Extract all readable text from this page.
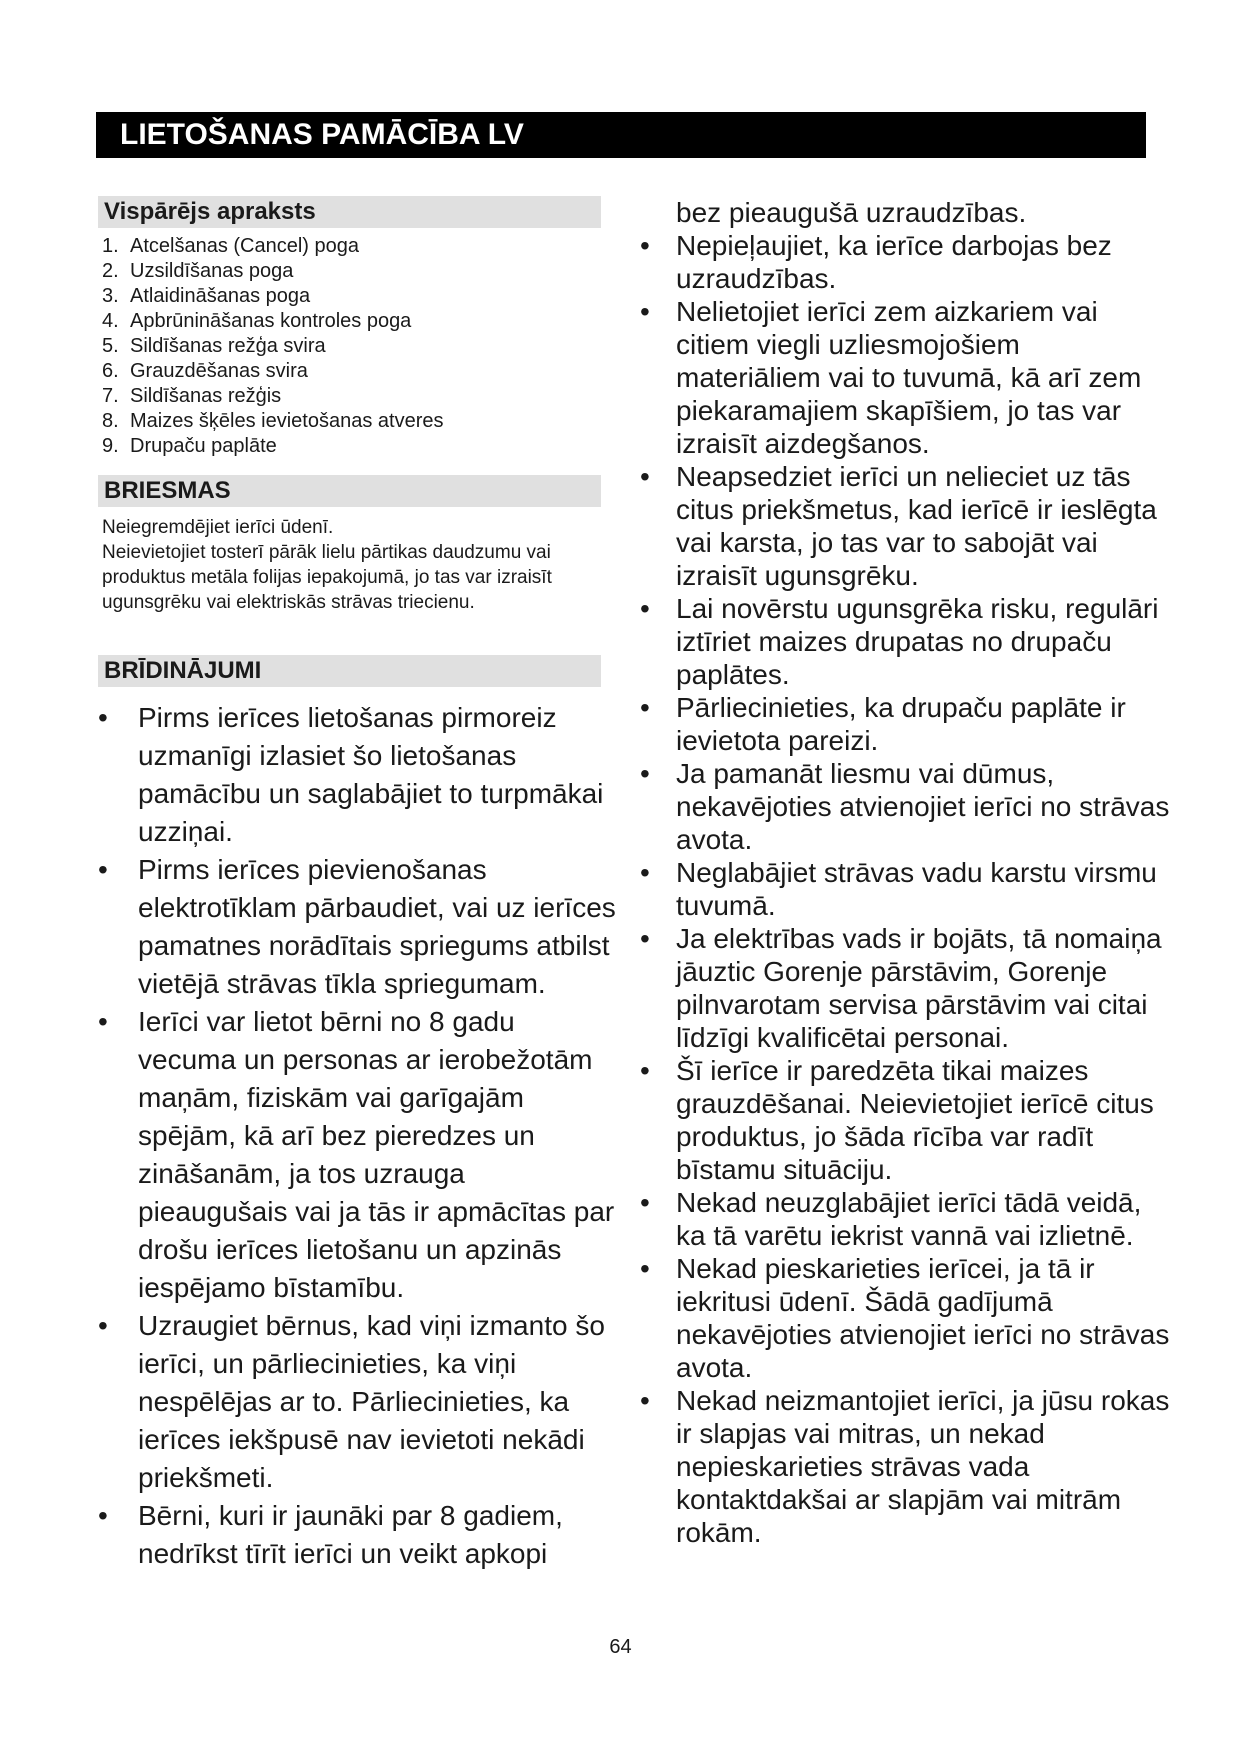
LIETOŠANAS PAMĀCĪBA LV
Vispārējs apraksts
1. Atcelšanas (Cancel) poga
2. Uzsildīšanas poga
3. Atlaidināšanas poga
4. Apbrūnināšanas kontroles poga
5. Sildīšanas režģa svira
6. Grauzdēšanas svira
7. Sildīšanas režģis
8. Maizes šķēles ievietošanas atveres
9. Drupaču paplāte
BRIESMAS

Neiegremdējiet ierīci ūdenī.

Neievietojiet tosterī pārāk lielu pārtikas daudzumu vai produktus metāla folijas iepakojumā, jo tas var izraisīt ugunsgrēku vai elektriskās strāvas triecienu.

BRĪDINĀJUMI
•	Pirms ierīces lietošanas pirmoreiz uzmanīgi izlasiet šo lietošanas pamācību un saglabājiet to turpmākai uzziņai.
•	Pirms ierīces pievienošanas elektrotīklam pārbaudiet, vai uz ierīces pamatnes norādītais spriegums atbilst vietējā strāvas tīkla spriegumam.
•	Ierīci var lietot bērni no 8 gadu vecuma un personas ar ierobežotām maņām, fiziskām vai garīgajām spējām, kā arī bez pieredzes un zināšanām, ja tos uzrauga pieaugušais vai ja tās ir apmācītas par drošu ierīces lietošanu un apzinās iespējamo bīstamību.
•	Uzraugiet bērnus, kad viņi izmanto šo ierīci, un pārliecinieties, ka viņi nespēlējas ar to. Pārliecinieties, ka ierīces iekšpusē nav ievietoti nekādi priekšmeti.
•	Bērni, kuri ir jaunāki par 8 gadiem, nedrīkst tīrīt ierīci un veikt apkopi
bez pieaugušā uzraudzības.
• Nepieļaujiet, ka ierīce darbojas bez uzraudzības.
• Nelietojiet ierīci zem aizkariem vai citiem viegli uzliesmojošiem materiāliem vai to tuvumā, kā arī zem piekaramajiem skapīšiem, jo tas var izraisīt aizdegšanos.
• Neapsedziet ierīci un nelieciet uz tās citus priekšmetus, kad ierīcē ir ieslēgta vai karsta, jo tas var to sabojāt vai izraisīt ugunsgrēku.
• Lai novērstu ugunsgrēka risku, regulāri iztīriet maizes drupatas no drupaču paplātes.
• Pārliecinieties, ka drupaču paplāte ir ievietota pareizi.
• Ja pamanāt liesmu vai dūmus, nekavējoties atvienojiet ierīci no strāvas avota.
• Neglabājiet strāvas vadu karstu virsmu tuvumā.
• Ja elektrības vads ir bojāts, tā nomaiņa jāuztic Gorenje pārstāvim, Gorenje pilnvarotam servisa pārstāvim vai citai līdzīgi kvalificētai personai.
• Šī ierīce ir paredzēta tikai maizes grauzdēšanai. Neievietojiet ierīcē citus produktus, jo šāda rīcība var radīt bīstamu situāciju.
• Nekad neuzglabājiet ierīci tādā veidā, ka tā varētu iekrist vannā vai izlietnē.
• Nekad pieskarieties ierīcei, ja tā ir iekritusi ūdenī. Šādā gadījumā nekavējoties atvienojiet ierīci no strāvas avota.
• Nekad neizmantojiet ierīci, ja jūsu rokas ir slapjas vai mitras, un nekad nepieskarieties strāvas vada kontaktdakšai ar slapjām vai mitrām rokām.
64
